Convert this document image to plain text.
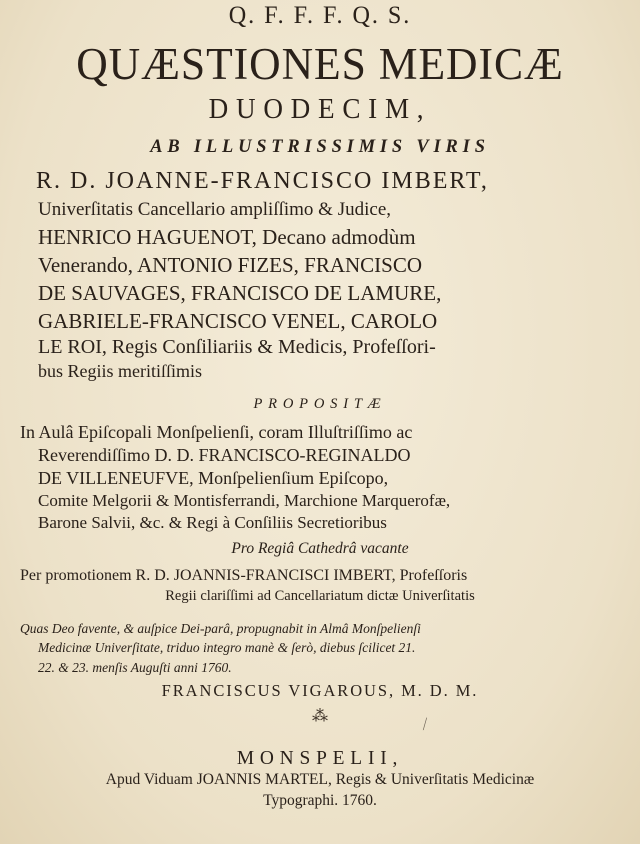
Q. F. F. F. Q. S.
QUÆSTIONES MEDICÆ
DUODECIM,
AB ILLUSTRISSIMIS VIRIS
R. D. JOANNE-FRANCISCO IMBERT,
Univerſitatis Cancellario ampliſſimo & Judice,
HENRICO HAGUENOT, Decano admodùm
Venerando, ANTONIO FIZES, FRANCISCO
DE SAUVAGES, FRANCISCO DE LAMURE,
GABRIELE-FRANCISCO VENEL, CAROLO
LE ROI, Regis Conſiliariis & Medicis, Profeſſori-
bus Regiis meritiſſimis
PROPOSITÆ
In Aulâ Epiſcopali Monſpelienſi, coram Illuſtriſſimo ac
Reverendiſſimo D. D. FRANCISCO-REGINALDO
DE VILLENEUFVE, Monſpelienſium Epiſcopo,
Comite Melgorii & Montisferrandi, Marchione Marquerofæ,
Barone Salvii, &c. & Regi à Conſiliis Secretioribus
Pro Regiâ Cathedrâ vacante
Per promotionem R. D. JOANNIS-FRANCISCI IMBERT, Profeſſoris
Regii clariſſimi ad Cancellariatum dictæ Univerſitatis
Quas Deo favente, & auſpice Dei-parâ, propugnabit in Almâ Monſpelienſi
Medicinæ Univerſitate, triduo integro manè & ſerò, diebus ſcilicet 21.
22. & 23. menſis Auguſti anni 1760.
FRANCISCUS VIGAROUS, M. D. M.
⁂	⁄
MONSPELII,
Apud Viduam JOANNIS MARTEL, Regis & Univerſitatis Medicinæ
Typographi. 1760.
